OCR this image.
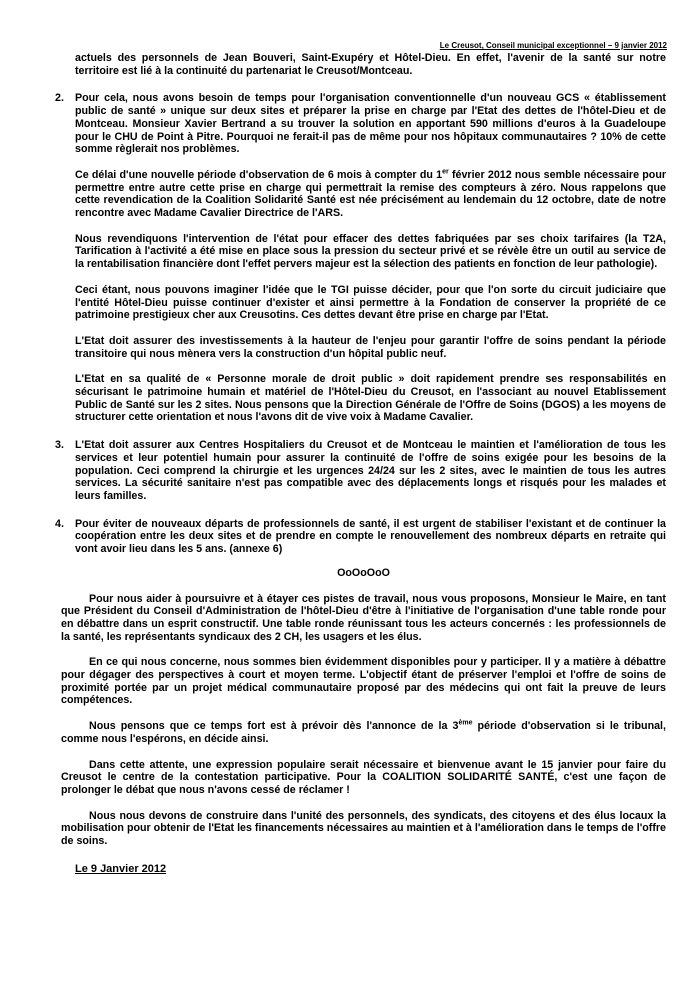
Le Creusot, Conseil municipal exceptionnel – 9 janvier 2012

actuels des personnels de Jean Bouveri, Saint-Exupéry et Hôtel-Dieu. En effet, l'avenir de la santé sur notre territoire est lié à la continuité du partenariat le Creusot/Montceau.

2. Pour cela, nous avons besoin de temps pour l'organisation conventionnelle d'un nouveau GCS « établissement public de santé » unique sur deux sites et préparer la prise en charge par l'Etat des dettes de l'hôtel-Dieu et de Montceau. Monsieur Xavier Bertrand a su trouver la solution en apportant 590 millions d'euros à la Guadeloupe pour le CHU de Point à Pitre. Pourquoi ne ferait-il pas de même pour nos hôpitaux communautaires ? 10% de cette somme règlerait nos problèmes.

Ce délai d'une nouvelle période d'observation de 6 mois à compter du 1er février 2012 nous semble nécessaire pour permettre entre autre cette prise en charge qui permettrait la remise des compteurs à zéro. Nous rappelons que cette revendication de la Coalition Solidarité Santé est née précisément au lendemain du 12 octobre, date de notre rencontre avec Madame Cavalier Directrice de l'ARS.

Nous revendiquons l'intervention de l'état pour effacer des dettes fabriquées par ses choix tarifaires (la T2A, Tarification à l'activité a été mise en place sous la pression du secteur privé et se révèle être un outil au service de la rentabilisation financière dont l'effet pervers majeur est la sélection des patients en fonction de leur pathologie).

Ceci étant, nous pouvons imaginer l'idée que le TGI puisse décider, pour que l'on sorte du circuit judiciaire que l'entité Hôtel-Dieu puisse continuer d'exister et ainsi permettre à la Fondation de conserver la propriété de ce patrimoine prestigieux cher aux Creusotins. Ces dettes devant être prise en charge par l'Etat.

L'Etat doit assurer des investissements à la hauteur de l'enjeu pour garantir l'offre de soins pendant la période transitoire qui nous mènera vers la construction d'un hôpital public neuf.

L'Etat en sa qualité de « Personne morale de droit public » doit rapidement prendre ses responsabilités en sécurisant le patrimoine humain et matériel de l'Hôtel-Dieu du Creusot, en l'associant au nouvel Etablissement Public de Santé sur les 2 sites. Nous pensons que la Direction Générale de l'Offre de Soins (DGOS) a les moyens de structurer cette orientation et nous l'avons dit de vive voix à Madame Cavalier.

3. L'Etat doit assurer aux Centres Hospitaliers du Creusot et de Montceau le maintien et l'amélioration de tous les services et leur potentiel humain pour assurer la continuité de l'offre de soins exigée pour les besoins de la population. Ceci comprend la chirurgie et les urgences 24/24 sur les 2 sites, avec le maintien de tous les autres services. La sécurité sanitaire n'est pas compatible avec des déplacements longs et risqués pour les malades et leurs familles.

4. Pour éviter de nouveaux départs de professionnels de santé, il est urgent de stabiliser l'existant et de continuer la coopération entre les deux sites et de prendre en compte le renouvellement des nombreux départs en retraite qui vont avoir lieu dans les 5 ans. (annexe 6)

OoOoOoO

Pour nous aider à poursuivre et à étayer ces pistes de travail, nous vous proposons, Monsieur le Maire, en tant que Président du Conseil d'Administration de l'hôtel-Dieu d'être à l'initiative de l'organisation d'une table ronde pour en débattre dans un esprit constructif. Une table ronde réunissant tous les acteurs concernés : les professionnels de la santé, les représentants syndicaux des 2 CH, les usagers et les élus.

En ce qui nous concerne, nous sommes bien évidemment disponibles pour y participer. Il y a matière à débattre pour dégager des perspectives à court et moyen terme. L'objectif étant de préserver l'emploi et l'offre de soins de proximité portée par un projet médical communautaire proposé par des médecins qui ont fait la preuve de leurs compétences.

Nous pensons que ce temps fort est à prévoir dès l'annonce de la 3ème période d'observation si le tribunal, comme nous l'espérons, en décide ainsi.

Dans cette attente, une expression populaire serait nécessaire et bienvenue avant le 15 janvier pour faire du Creusot le centre de la contestation participative. Pour la COALITION SOLIDARITÉ SANTÉ, c'est une façon de prolonger le débat que nous n'avons cessé de réclamer !

Nous nous devons de construire dans l'unité des personnels, des syndicats, des citoyens et des élus locaux la mobilisation pour obtenir de l'Etat les financements nécessaires au maintien et à l'amélioration dans le temps de l'offre de soins.

Le 9 Janvier 2012
